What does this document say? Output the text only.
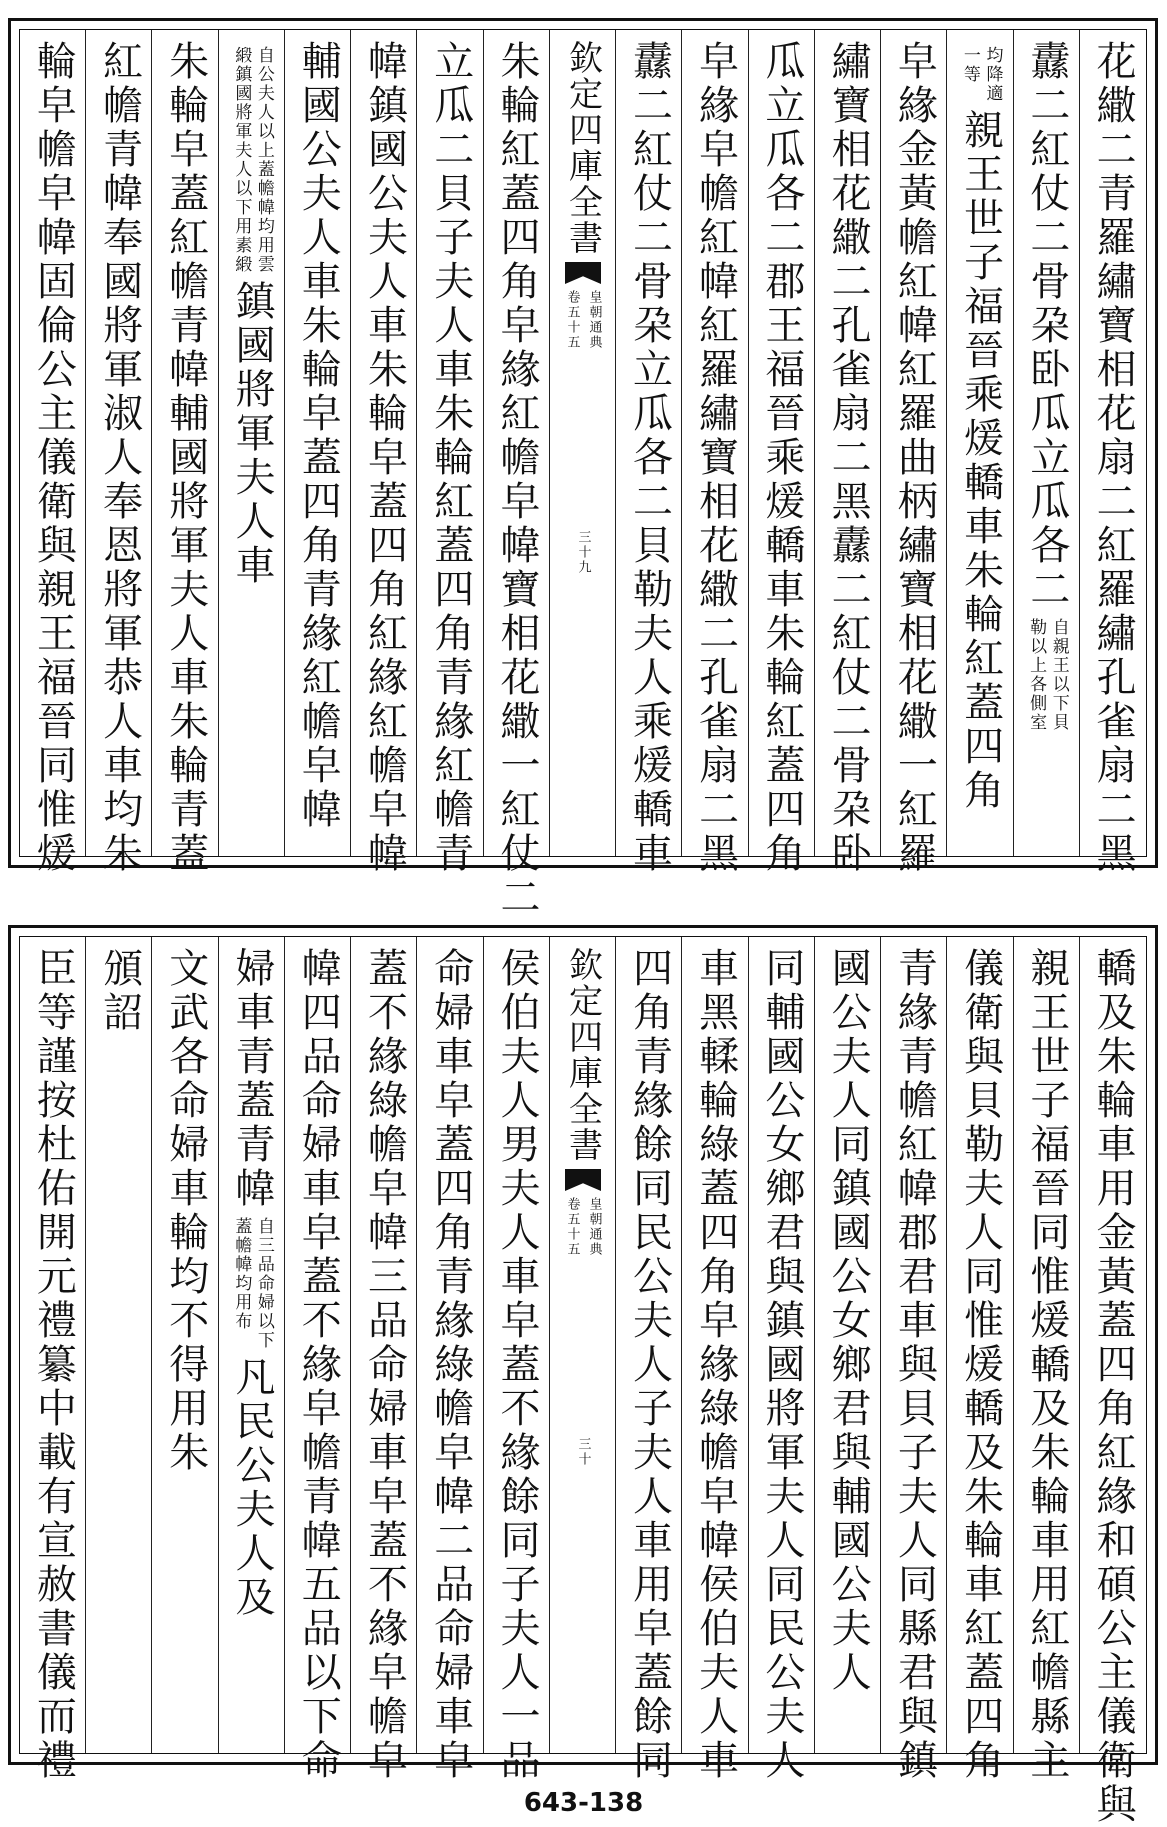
花繖二青羅繡寶相花扇二紅羅繡孔雀扇二黑
纛二紅仗二骨朶卧瓜立瓜各二
自親王以下貝
勒以上各側室
均降適
一等
親王世子福晉乘煖轎車朱輪紅蓋四角
皁緣金黃幨紅幃紅羅曲柄繡寶相花繖一紅羅
繡寶相花繖二孔雀扇二黑纛二紅仗二骨朶卧
瓜立瓜各二郡王福晉乘煖轎車朱輪紅蓋四角
皁緣皁幨紅幃紅羅繡寶相花繖二孔雀扇二黑
纛二紅仗二骨朶立瓜各二貝勒夫人乘煖轎車
欽定四庫全書
皇朝通典
卷五十五
三十九
朱輪紅蓋四角皁緣紅幨皁幃寶相花繖一紅仗二
立瓜二貝子夫人車朱輪紅蓋四角青緣紅幨青
幃鎮國公夫人車朱輪皁蓋四角紅緣紅幨皁幃
輔國公夫人車朱輪皁蓋四角青緣紅幨皁幃
自公夫人以上蓋幨幃均用雲
緞鎮國將軍夫人以下用素緞
鎮國將軍夫人車
朱輪皁蓋紅幨青幃輔國將軍夫人車朱輪青蓋
紅幨青幃奉國將軍淑人奉恩將軍恭人車均朱
輪皁幨皁幃固倫公主儀衛與親王福晉同惟煖
轎及朱輪車用金黃蓋四角紅緣和碩公主儀衛與
親王世子福晉同惟煖轎及朱輪車用紅幨縣主
儀衛與貝勒夫人同惟煖轎及朱輪車紅蓋四角
青緣青幨紅幃郡君車與貝子夫人同縣君與鎮
國公夫人同鎮國公女鄉君與輔國公夫人
同輔國公女鄉君與鎮國將軍夫人同民公夫人
車黑輮輪綠蓋四角皁緣綠幨皁幃侯伯夫人車
四角青緣餘同民公夫人子夫人車用皁蓋餘同
欽定四庫全書
皇朝通典
卷五十五
三十
侯伯夫人男夫人車皁蓋不緣餘同子夫人一品
命婦車皁蓋四角青緣綠幨皁幃二品命婦車皁
蓋不緣綠幨皁幃三品命婦車皁蓋不緣皁幨皁
幃四品命婦車皁蓋不緣皁幨青幃五品以下命
婦車青蓋青幃
自三品命婦以下
蓋幨幃均用布
凡民公夫人及
文武各命婦車輪均不得用朱
頒詔
臣等謹按杜佑開元禮纂中載有宣赦書儀而禮
643-138
